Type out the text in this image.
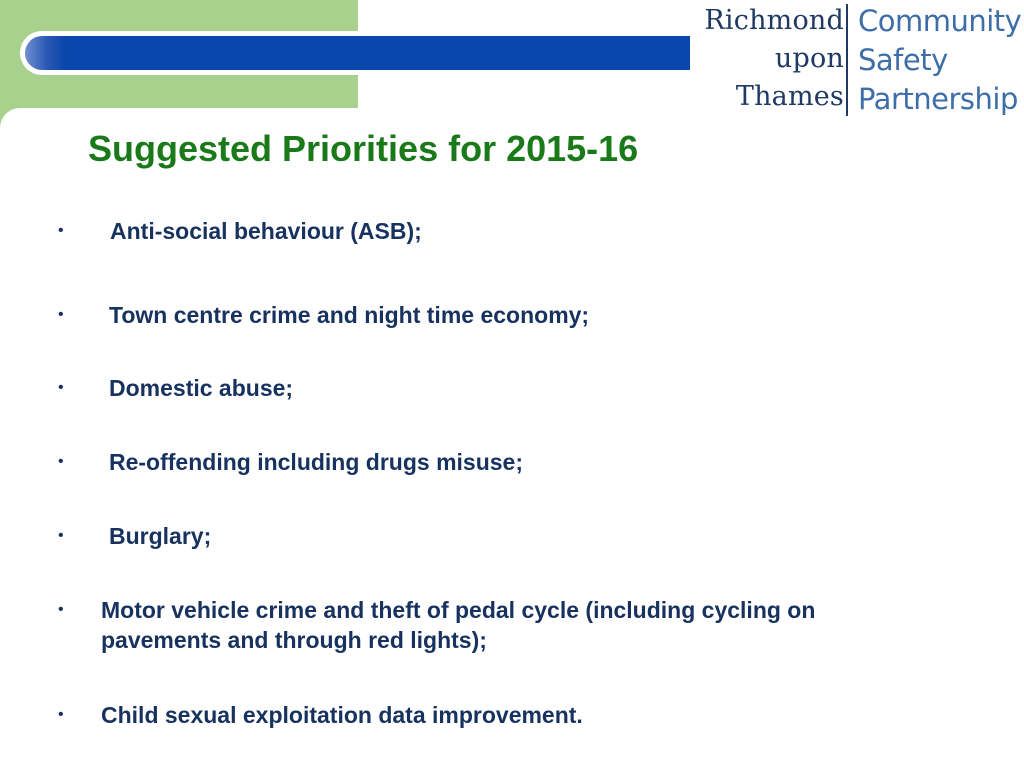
Richmond
upon
Thames
Community
Safety
Partnership
Suggested Priorities for 2015-16
• Anti-social behaviour (ASB);
• Town centre crime and night time economy;
• Domestic abuse;
• Re-offending including drugs misuse;
• Burglary;
• Motor vehicle crime and theft of pedal cycle (including cycling on pavements and through red lights);
• Child sexual exploitation data improvement.
